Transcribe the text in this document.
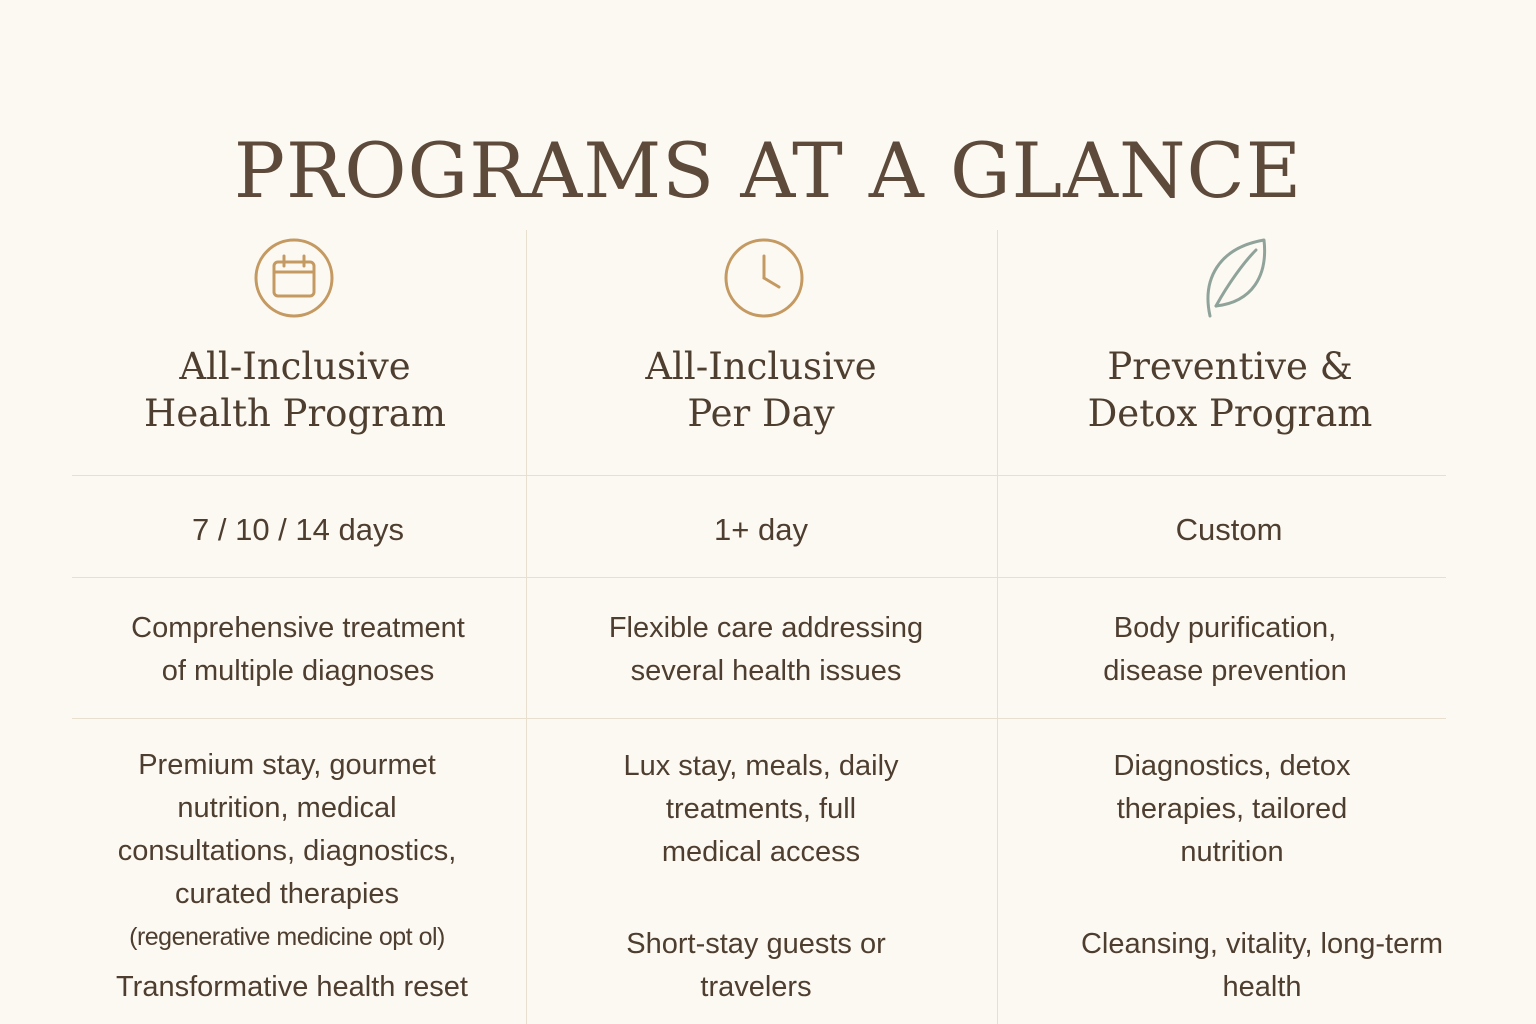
PROGRAMS AT A GLANCE
All-Inclusive
Health Program
7 / 10 / 14 days
Comprehensive treatment
of multiple diagnoses
Premium stay, gourmet
nutrition, medical
consultations, diagnostics,
curated therapies
(regenerative medicine opt ol)
Transformative health reset
All-Inclusive
Per Day
1+ day
Flexible care addressing
several health issues
Lux stay, meals, daily
treatments, full
medical access
Short-stay guests or
travelers
Preventive &
Detox Program
Custom
Body purification,
disease prevention
Diagnostics, detox
therapies, tailored
nutrition
Cleansing, vitality, long-term
health
